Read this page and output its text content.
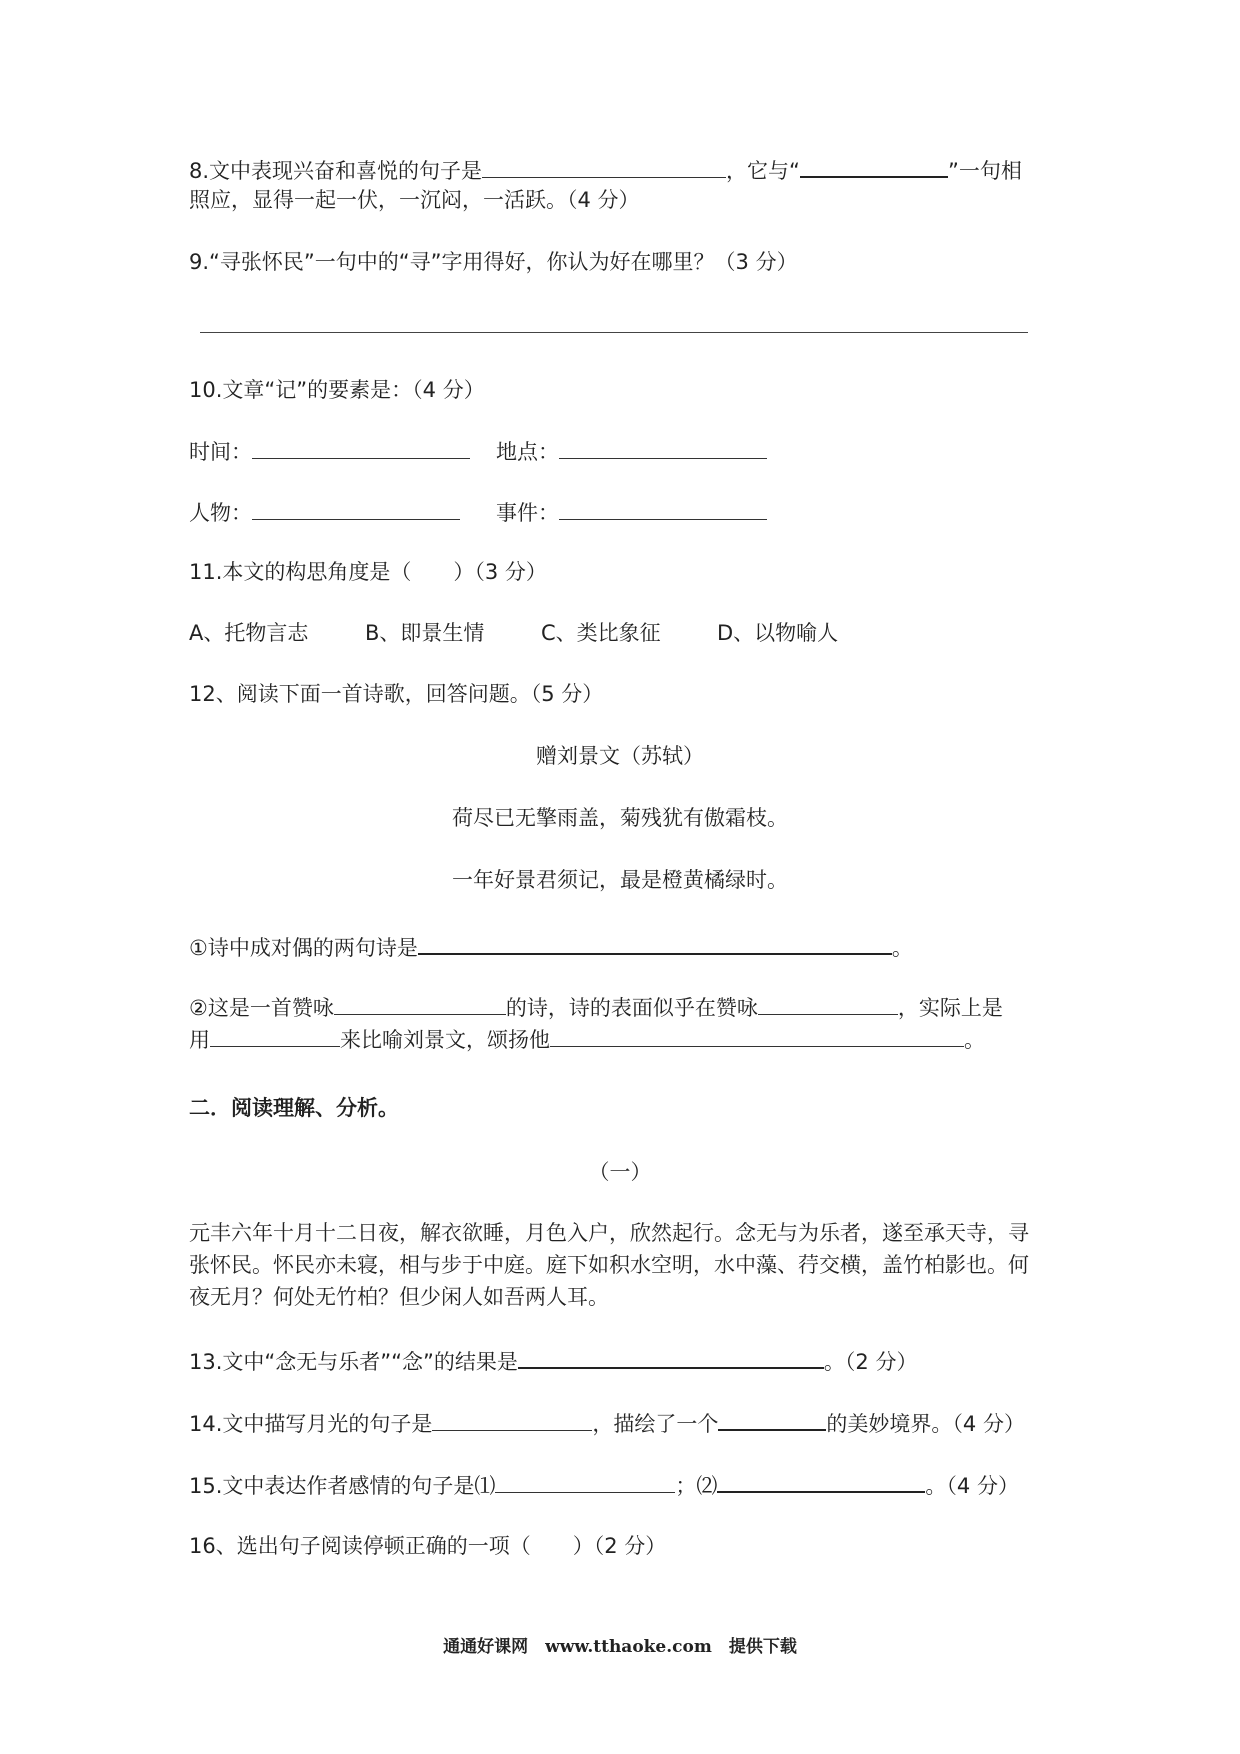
8.文中表现兴奋和喜悦的句子是	，它与“	”一句相
照应，显得一起一伏，一沉闷，一活跃。（4 分）
9.“寻张怀民”一句中的“寻”字用得好，你认为好在哪里？（3 分）
10.文章“记”的要素是：（4 分）
时间：	地点：
人物：	事件：
11.本文的构思角度是（　　）（3 分）
A、托物言志	B、即景生情	C、类比象征	D、以物喻人
12、阅读下面一首诗歌，回答问题。（5 分）
赠刘景文（苏轼）
荷尽已无擎雨盖，菊残犹有傲霜枝。
一年好景君须记，最是橙黄橘绿时。
①诗中成对偶的两句诗是	。
②这是一首赞咏	的诗，诗的表面似乎在赞咏	，实际上是
用	来比喻刘景文，颂扬他	。
二．阅读理解、分析。
（一）
元丰六年十月十二日夜，解衣欲睡，月色入户，欣然起行。念无与为乐者，遂至承天寺，寻
张怀民。怀民亦未寝，相与步于中庭。庭下如积水空明，水中藻、荇交横，盖竹柏影也。何
夜无月？何处无竹柏？但少闲人如吾两人耳。
13.文中“念无与乐者”“念”的结果是	。（2 分）
14.文中描写月光的句子是	，描绘了一个	的美妙境界。（4 分）
15.文中表达作者感情的句子是⑴	；⑵	。（4 分）
16、选出句子阅读停顿正确的一项（　　）（2 分）
通通好课网　www.tthaoke.com　提供下载
